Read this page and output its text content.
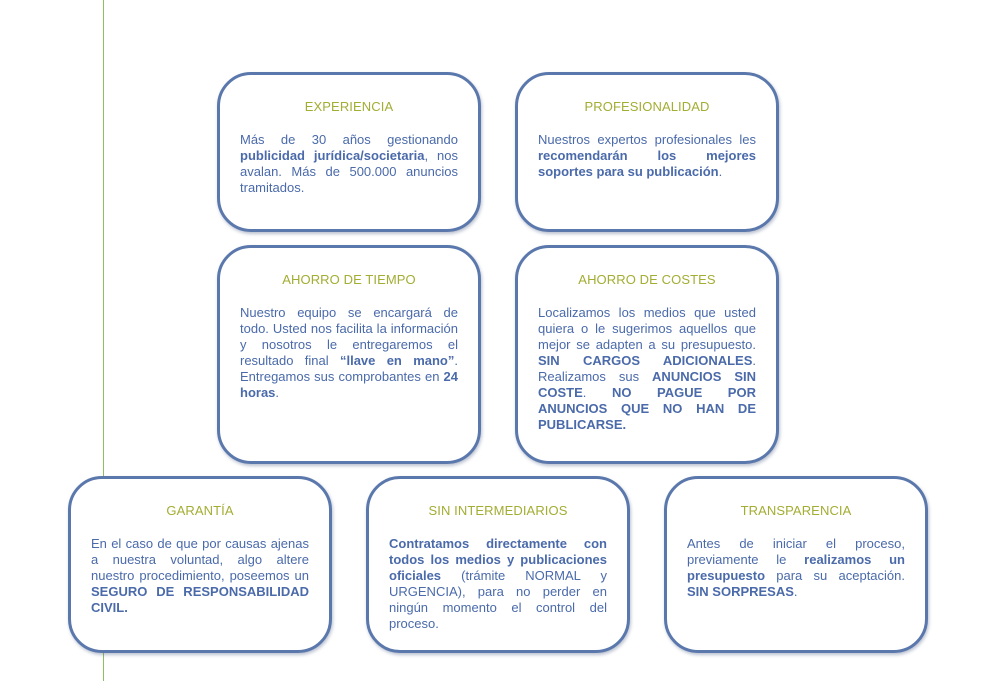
EXPERIENCIA
Más de 30 años gestionando publicidad jurídica/societaria, nos avalan. Más de 500.000 anuncios tramitados.
PROFESIONALIDAD
Nuestros expertos profesionales les recomendarán los mejores soportes para su publicación.
AHORRO DE TIEMPO
Nuestro equipo se encargará de todo. Usted nos facilita la información y nosotros le entregaremos el resultado final “llave en mano”. Entregamos sus comprobantes en 24 horas.
AHORRO DE COSTES
Localizamos los medios que usted quiera o le sugerimos aquellos que mejor se adapten a su presupuesto. SIN CARGOS ADICIONALES. Realizamos sus ANUNCIOS SIN COSTE. NO PAGUE POR ANUNCIOS QUE NO HAN DE PUBLICARSE.
GARANTÍA
En el caso de que por causas ajenas a nuestra voluntad, algo altere nuestro procedimiento, poseemos un SEGURO DE RESPONSABILIDAD CIVIL.
SIN INTERMEDIARIOS
Contratamos directamente con todos los medios y publicaciones oficiales (trámite NORMAL y URGENCIA), para no perder en ningún momento el control del proceso.
TRANSPARENCIA
Antes de iniciar el proceso, previamente le realizamos un presupuesto para su aceptación. SIN SORPRESAS.
